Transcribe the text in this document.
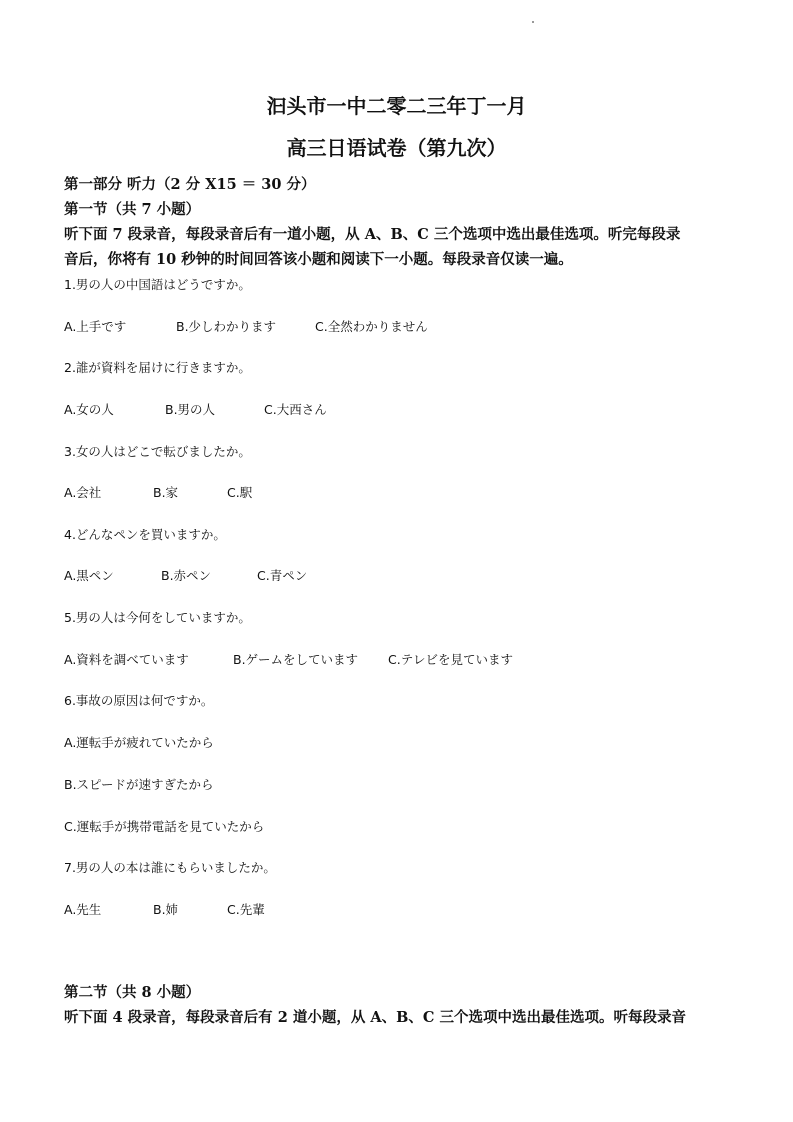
汩头市一中二零二三年丁一月
高三日语试卷（第九次）
第一部分 听力（2 分 X15 ＝ 30 分）
第一节（共 7 小题）
听下面 7 段录音，每段录音后有一道小题，从 A、B、C 三个选项中选出最佳选项。听完每段录
音后，你将有 10 秒钟的时间回答该小题和阅读下一小题。每段录音仅读一遍。
1.男の人の中国語はどうですか。
A.上手です	B.少しわかります	C.全然わかりません
2.誰が資料を届けに行きますか。
A.女の人	B.男の人	C.大西さん
3.女の人はどこで転びましたか。
A.会社	B.家	C.駅
4.どんなペンを買いますか。
A.黒ペン	B.赤ペン	C.青ペン
5.男の人は今何をしていますか。
A.資料を調べています	B.ゲームをしています C.テレビを見ています
6.事故の原因は何ですか。
A.運転手が疲れていたから
B.スピードが速すぎたから
C.運転手が携帯電話を見ていたから
7.男の人の本は誰にもらいましたか。
A.先生	B.姉	C.先輩
第二节（共 8 小题）
听下面 4 段录音，每段录音后有 2 道小题，从 A、B、C 三个选项中选出最佳选项。听每段录音
